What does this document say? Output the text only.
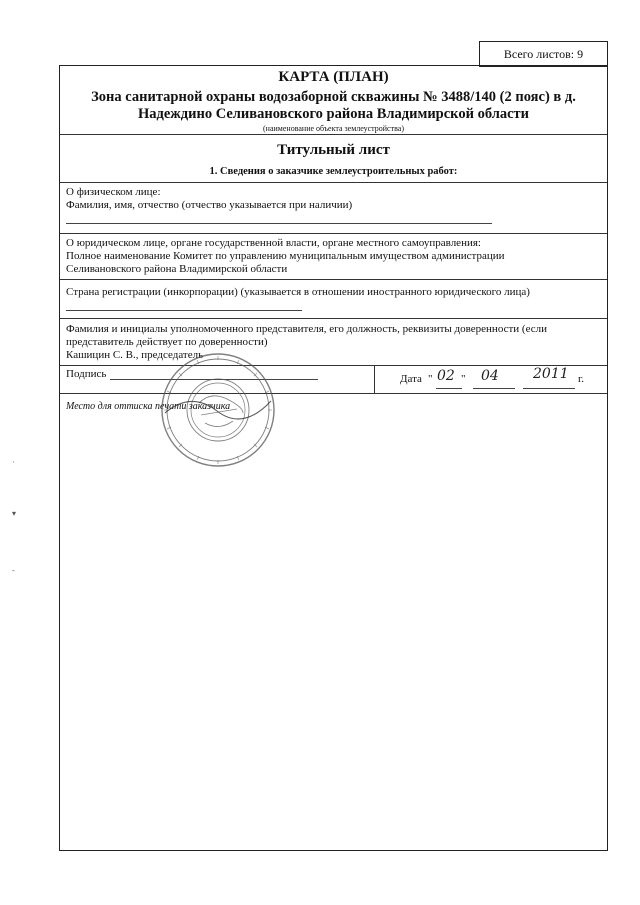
Всего листов: 9
КАРТА (ПЛАН)
Зона санитарной охраны водозаборной скважины № 3488/140 (2 пояс) в д.
Надеждино Селивановского района Владимирской области
(наименование объекта землеустройства)
Титульный лист
1. Сведения о заказчике землеустроительных работ:
О физическом лице:
Фамилия, имя, отчество (отчество указывается при наличии)
О юридическом лице, органе государственной власти, органе местного самоуправления:
Полное наименование Комитет по управлению муниципальным имуществом администрации
Селивановского района Владимирской области
Страна регистрации (инкорпорации) (указывается в отношении иностранного юридического лица)
Фамилия и инициалы уполномоченного представителя, его должность, реквизиты доверенности (если
представитель действует по доверенности)
Кашицин С. В., председатель
Подпись	Дата " 02 " 04 2011 г.
Место для оттиска печати заказчика
·
▾
-
